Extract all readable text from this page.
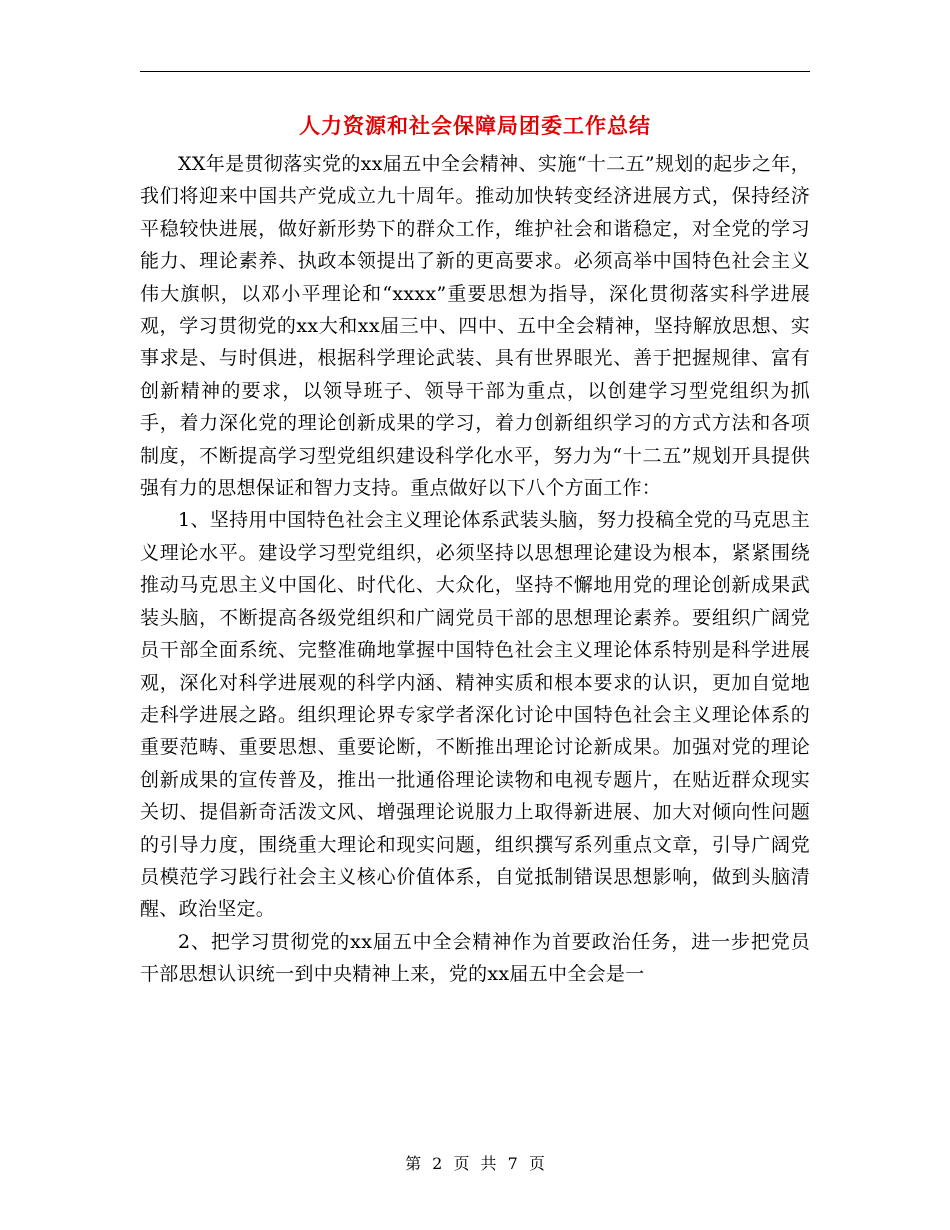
人力资源和社会保障局团委工作总结

XX年是贯彻落实党的xx届五中全会精神、实施“十二五”规划的起步之年，我们将迎来中国共产党成立九十周年。推动加快转变经济进展方式，保持经济平稳较快进展，做好新形势下的群众工作，维护社会和谐稳定，对全党的学习能力、理论素养、执政本领提出了新的更高要求。必须高举中国特色社会主义伟大旗帜，以邓小平理论和“xxxx”重要思想为指导，深化贯彻落实科学进展观，学习贯彻党的xx大和xx届三中、四中、五中全会精神，坚持解放思想、实事求是、与时俱进，根据科学理论武装、具有世界眼光、善于把握规律、富有创新精神的要求，以领导班子、领导干部为重点，以创建学习型党组织为抓手，着力深化党的理论创新成果的学习，着力创新组织学习的方式方法和各项制度，不断提高学习型党组织建设科学化水平，努力为“十二五”规划开具提供强有力的思想保证和智力支持。重点做好以下八个方面工作：

1、坚持用中国特色社会主义理论体系武装头脑，努力投稿全党的马克思主义理论水平。建设学习型党组织，必须坚持以思想理论建设为根本，紧紧围绕推动马克思主义中国化、时代化、大众化，坚持不懈地用党的理论创新成果武装头脑，不断提高各级党组织和广阔党员干部的思想理论素养。要组织广阔党员干部全面系统、完整准确地掌握中国特色社会主义理论体系特别是科学进展观，深化对科学进展观的科学内涵、精神实质和根本要求的认识，更加自觉地走科学进展之路。组织理论界专家学者深化讨论中国特色社会主义理论体系的重要范畴、重要思想、重要论断，不断推出理论讨论新成果。加强对党的理论创新成果的宣传普及，推出一批通俗理论读物和电视专题片，在贴近群众现实关切、提倡新奇活泼文风、增强理论说服力上取得新进展、加大对倾向性问题的引导力度，围绕重大理论和现实问题，组织撰写系列重点文章，引导广阔党员模范学习践行社会主义核心价值体系，自觉抵制错误思想影响，做到头脑清醒、政治坚定。

2、把学习贯彻党的xx届五中全会精神作为首要政治任务，进一步把党员干部思想认识统一到中央精神上来，党的xx届五中全会是一

第 2 页 共 7 页
